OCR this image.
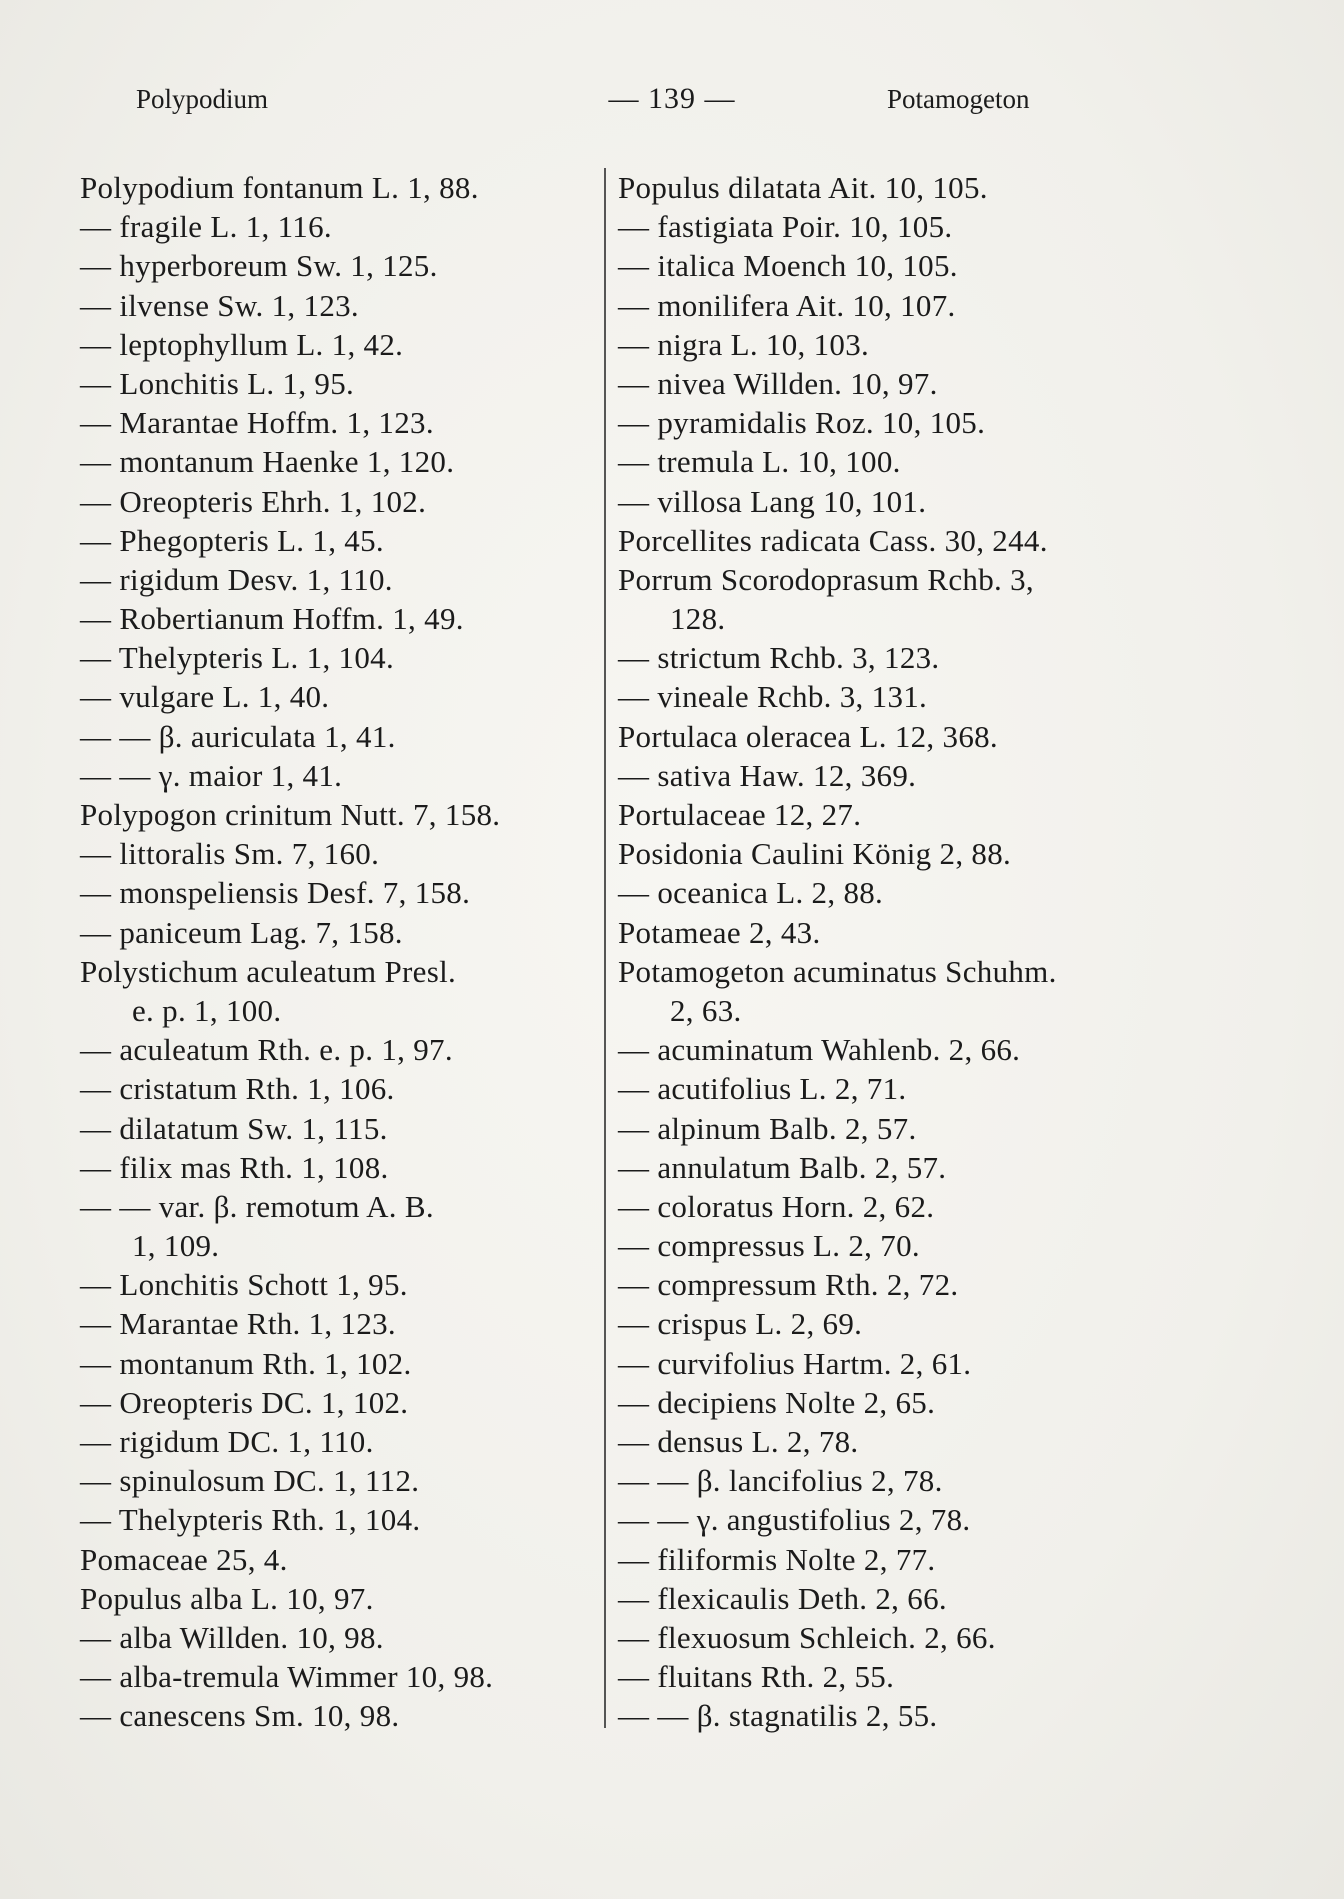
Polypodium	— 139 —	Potamogeton
Polypodium fontanum L. 1, 88.
— fragile L. 1, 116.
— hyperboreum Sw. 1, 125.
— ilvense Sw. 1, 123.
— leptophyllum L. 1, 42.
— Lonchitis L. 1, 95.
— Marantae Hoffm. 1, 123.
— montanum Haenke 1, 120.
— Oreopteris Ehrh. 1, 102.
— Phegopteris L. 1, 45.
— rigidum Desv. 1, 110.
— Robertianum Hoffm. 1, 49.
— Thelypteris L. 1, 104.
— vulgare L. 1, 40.
— — β. auriculata 1, 41.
— — γ. maior 1, 41.
Polypogon crinitum Nutt. 7, 158.
— littoralis Sm. 7, 160.
— monspeliensis Desf. 7, 158.
— paniceum Lag. 7, 158.
Polystichum aculeatum Presl.
e. p. 1, 100.
— aculeatum Rth. e. p. 1, 97.
— cristatum Rth. 1, 106.
— dilatatum Sw. 1, 115.
— filix mas Rth. 1, 108.
— — var. β. remotum A. B.
1, 109.
— Lonchitis Schott 1, 95.
— Marantae Rth. 1, 123.
— montanum Rth. 1, 102.
— Oreopteris DC. 1, 102.
— rigidum DC. 1, 110.
— spinulosum DC. 1, 112.
— Thelypteris Rth. 1, 104.
Pomaceae 25, 4.
Populus alba L. 10, 97.
— alba Willden. 10, 98.
— alba-tremula Wimmer 10, 98.
— canescens Sm. 10, 98.
Populus dilatata Ait. 10, 105.
— fastigiata Poir. 10, 105.
— italica Moench 10, 105.
— monilifera Ait. 10, 107.
— nigra L. 10, 103.
— nivea Willden. 10, 97.
— pyramidalis Roz. 10, 105.
— tremula L. 10, 100.
— villosa Lang 10, 101.
Porcellites radicata Cass. 30, 244.
Porrum Scorodoprasum Rchb. 3,
128.
— strictum Rchb. 3, 123.
— vineale Rchb. 3, 131.
Portulaca oleracea L. 12, 368.
— sativa Haw. 12, 369.
Portulaceae 12, 27.
Posidonia Caulini König 2, 88.
— oceanica L. 2, 88.
Potameae 2, 43.
Potamogeton acuminatus Schuhm.
2, 63.
— acuminatum Wahlenb. 2, 66.
— acutifolius L. 2, 71.
— alpinum Balb. 2, 57.
— annulatum Balb. 2, 57.
— coloratus Horn. 2, 62.
— compressus L. 2, 70.
— compressum Rth. 2, 72.
— crispus L. 2, 69.
— curvifolius Hartm. 2, 61.
— decipiens Nolte 2, 65.
— densus L. 2, 78.
— — β. lancifolius 2, 78.
— — γ. angustifolius 2, 78.
— filiformis Nolte 2, 77.
— flexicaulis Deth. 2, 66.
— flexuosum Schleich. 2, 66.
— fluitans Rth. 2, 55.
— — β. stagnatilis 2, 55.
